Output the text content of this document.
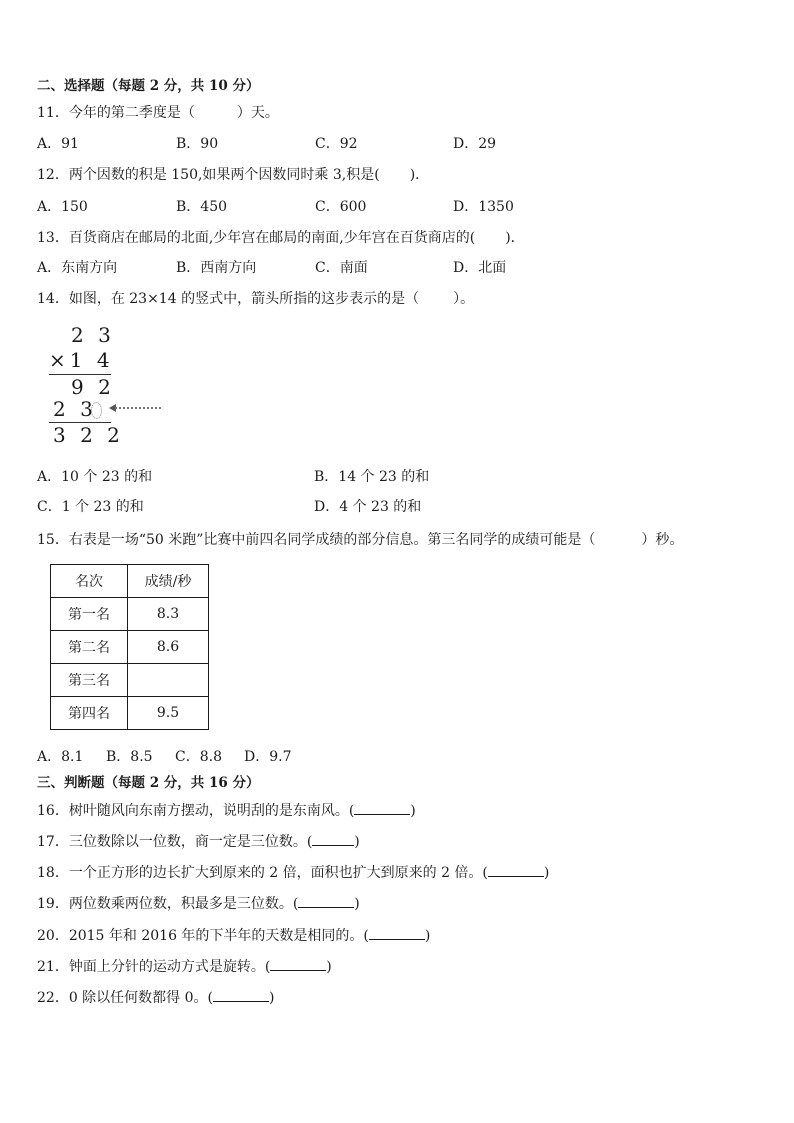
二、选择题（每题 2 分，共 10 分）
11．今年的第二季度是（	）天。
A．91	B．90	C．92	D．29
12．两个因数的积是 150,如果两个因数同时乘 3,积是( )．
A．150	B．450	C．600	D．1350
13．百货商店在邮局的北面,少年宫在邮局的南面,少年宫在百货商店的( )．
A．东南方向	B．西南方向	C．南面	D．北面
14．如图，在 23×14 的竖式中，箭头所指的这步表示的是（ ）。
2 3
×1 4
9 2
2 3
3 2 2
A．10 个 23 的和	B．14 个 23 的和
C．1 个 23 的和	D．4 个 23 的和
15．右表是一场“50 米跑”比赛中前四名同学成绩的部分信息。第三名同学的成绩可能是（	）秒。
名次	成绩/秒
第一名	8.3
第二名	8.6
第三名	
第四名	9.5
A．8.1 B．8.5 C．8.8 D．9.7
三、判断题（每题 2 分，共 16 分）
16．树叶随风向东南方摆动，说明刮的是东南风。(	)
17．三位数除以一位数，商一定是三位数。(	)
18．一个正方形的边长扩大到原来的 2 倍，面积也扩大到原来的 2 倍。(	)
19．两位数乘两位数，积最多是三位数。(	)
20．2015 年和 2016 年的下半年的天数是相同的。(	)
21．钟面上分针的运动方式是旋转。(	)
22．0 除以任何数都得 0。(	)
